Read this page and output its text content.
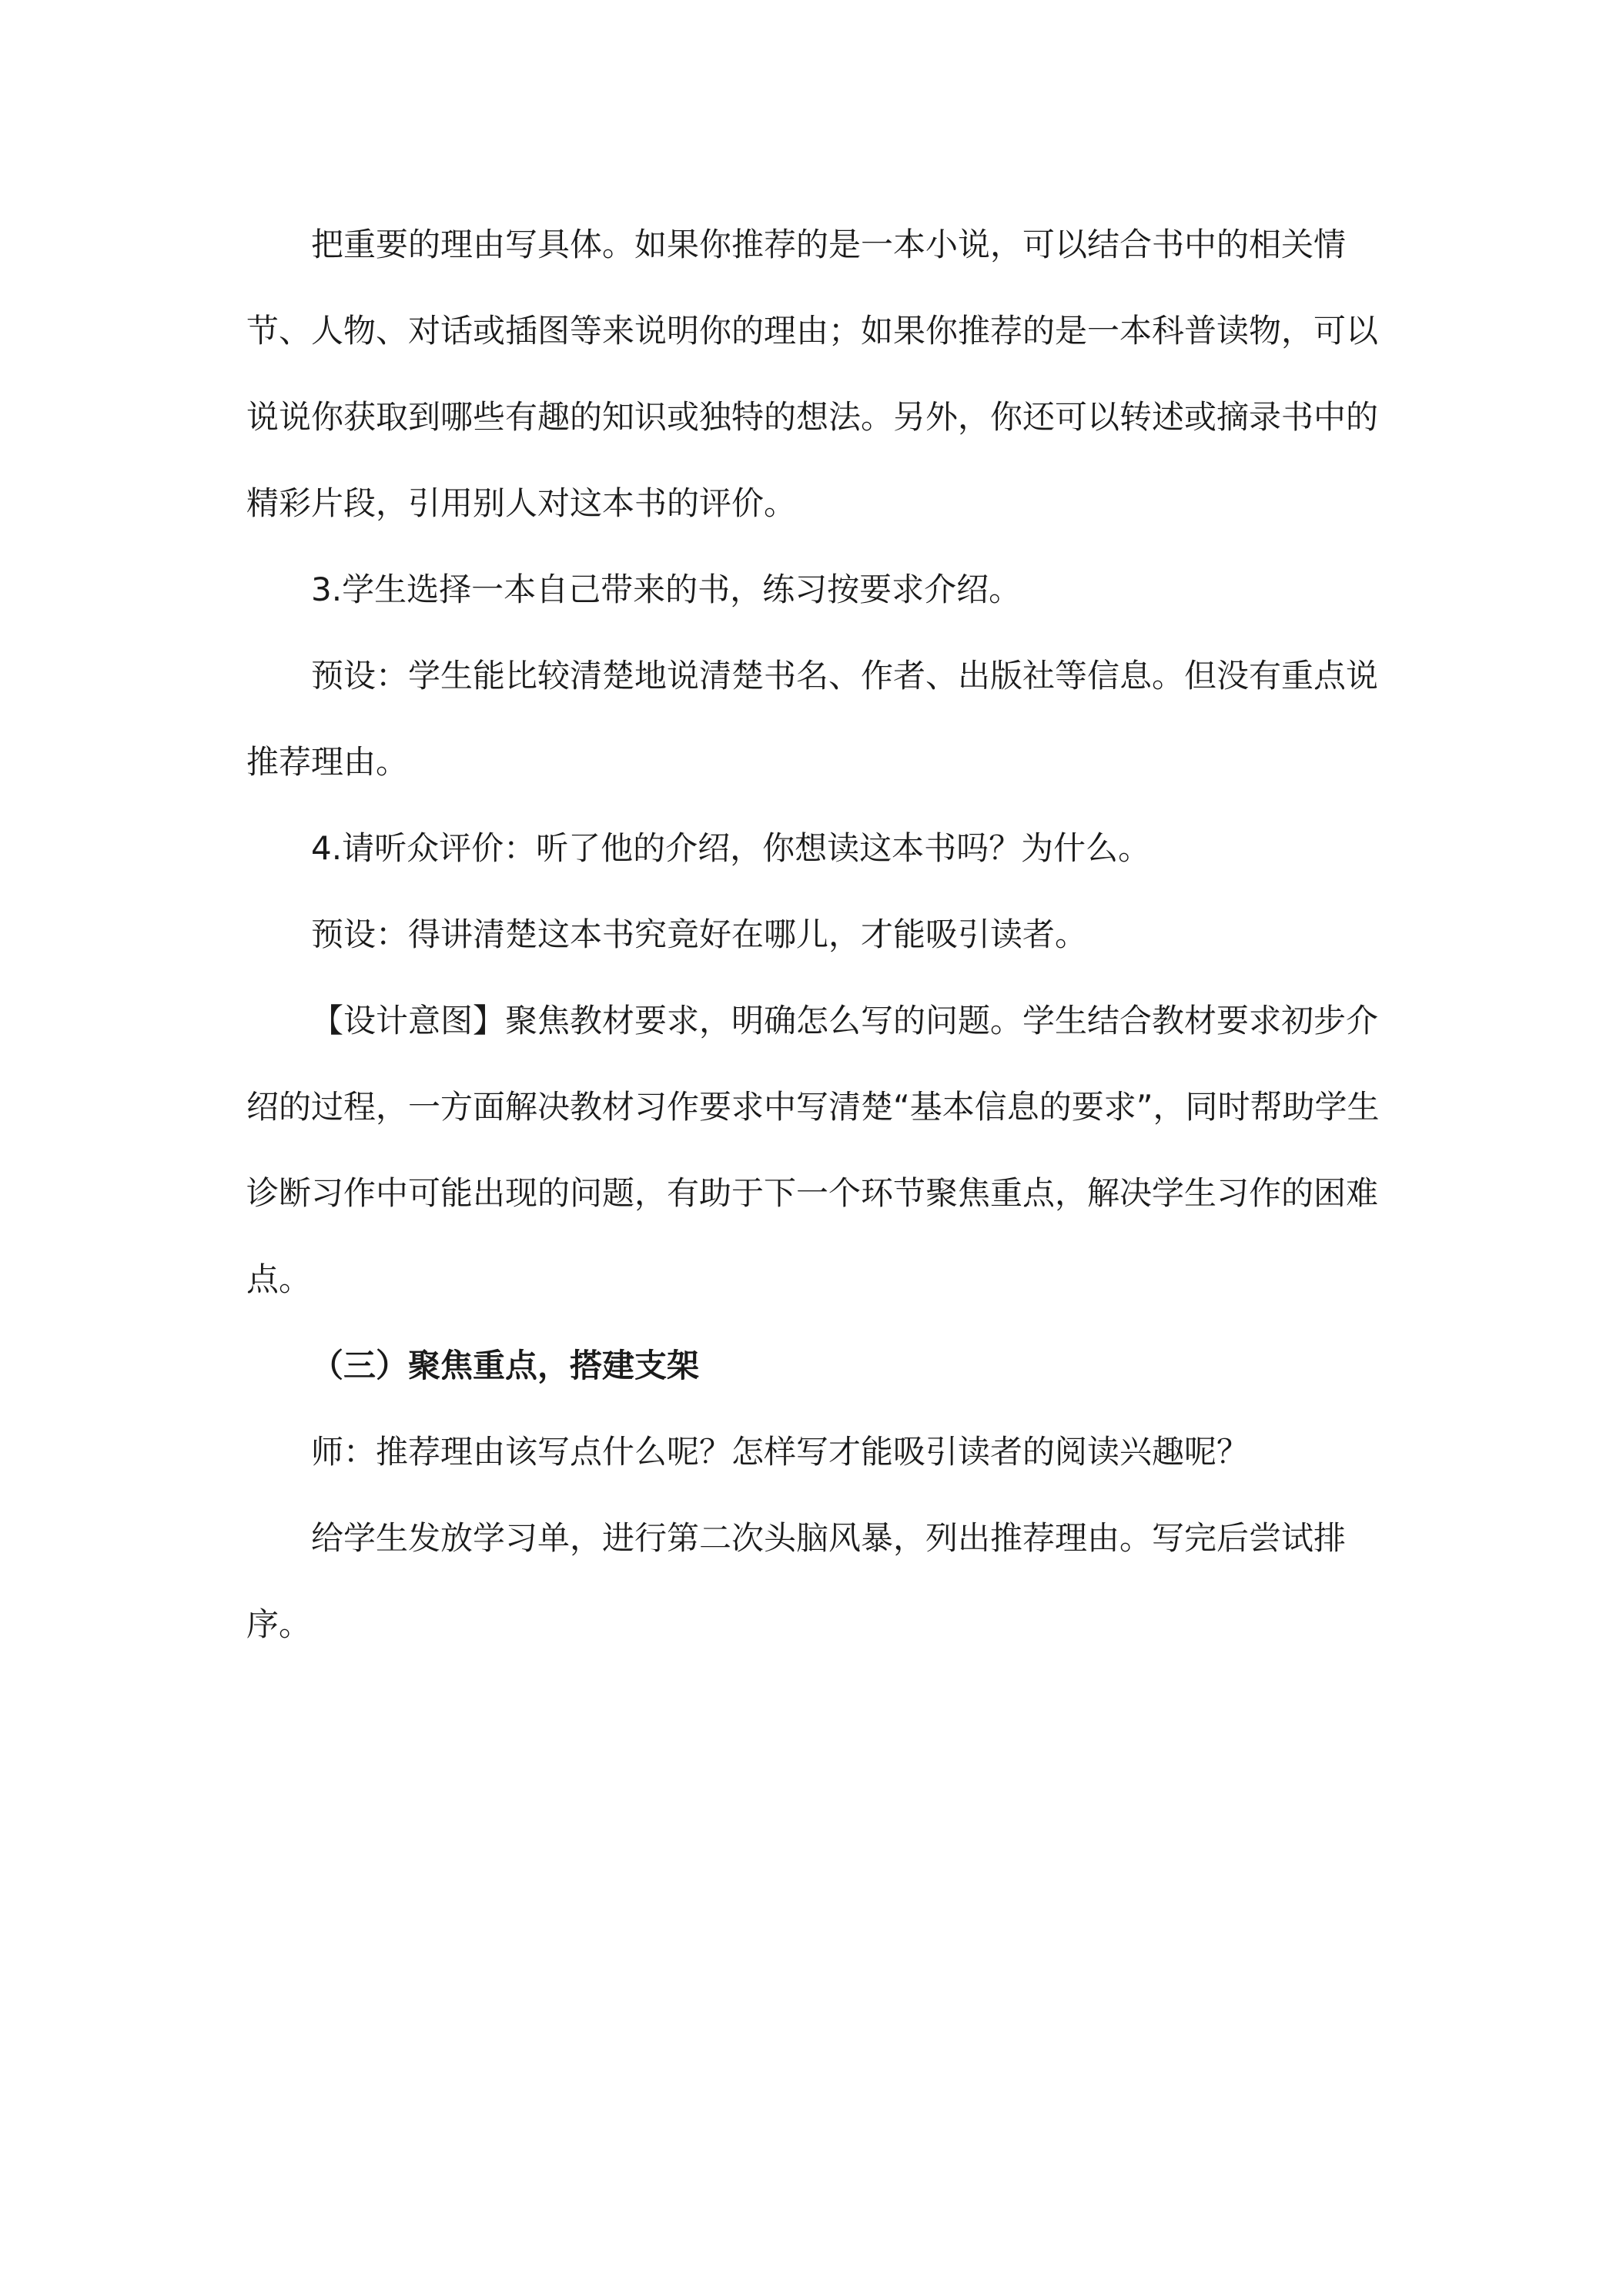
把重要的理由写具体。如果你推荐的是一本小说，可以结合书中的相关情节、人物、对话或插图等来说明你的理由；如果你推荐的是一本科普读物，可以说说你获取到哪些有趣的知识或独特的想法。另外，你还可以转述或摘录书中的精彩片段，引用别人对这本书的评价。

3.学生选择一本自己带来的书，练习按要求介绍。

预设：学生能比较清楚地说清楚书名、作者、出版社等信息。但没有重点说推荐理由。

4.请听众评价：听了他的介绍，你想读这本书吗？为什么。

预设：得讲清楚这本书究竟好在哪儿，才能吸引读者。

【设计意图】聚焦教材要求，明确怎么写的问题。学生结合教材要求初步介绍的过程，一方面解决教材习作要求中写清楚“基本信息的要求”，同时帮助学生诊断习作中可能出现的问题，有助于下一个环节聚焦重点，解决学生习作的困难点。

（三）聚焦重点，搭建支架

师：推荐理由该写点什么呢？怎样写才能吸引读者的阅读兴趣呢？

给学生发放学习单，进行第二次头脑风暴，列出推荐理由。写完后尝试排序。
